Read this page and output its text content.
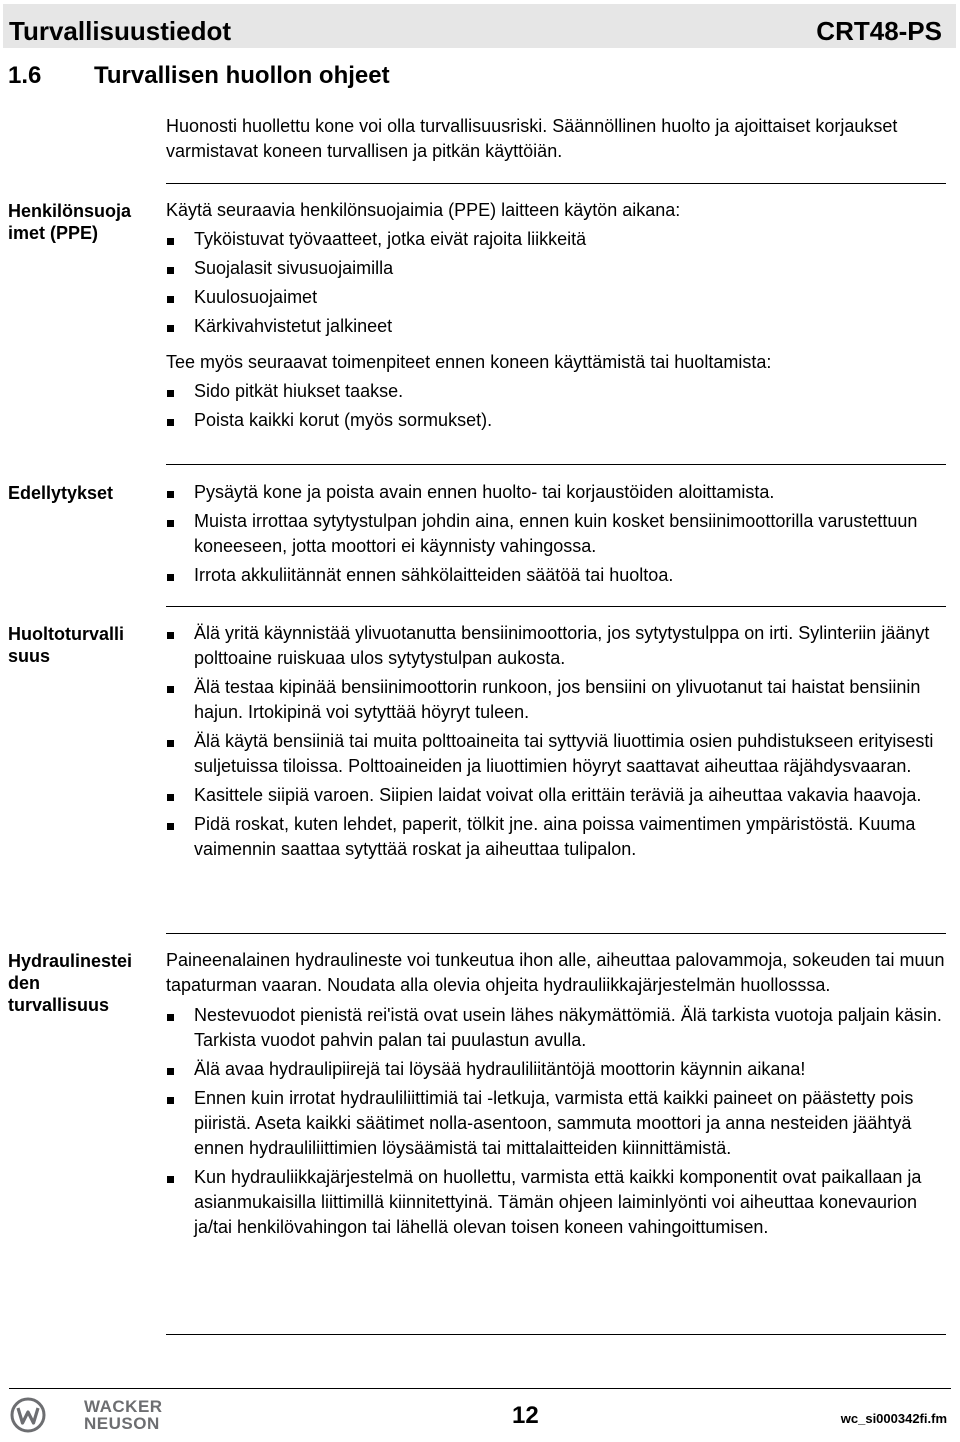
Turvallisuustiedot	CRT48-PS
1.6	Turvallisen huollon ohjeet
Huonosti huollettu kone voi olla turvallisuusriski. Säännöllinen huolto ja ajoittaiset korjaukset varmistavat koneen turvallisen ja pitkän käyttöiän.
Henkilönsuoja
imet (PPE)

Käytä seuraavia henkilönsuojaimia (PPE) laitteen käytön aikana:

Tyköistuvat työvaatteet, jotka eivät rajoita liikkeitä
Suojalasit sivusuojaimilla
Kuulosuojaimet
Kärkivahvistetut jalkineet

Tee myös seuraavat toimenpiteet ennen koneen käyttämistä tai huoltamista:

Sido pitkät hiukset taakse.
Poista kaikki korut (myös sormukset).
Edellytykset	Pysäytä kone ja poista avain ennen huolto- tai korjaustöiden aloittamista.
Muista irrottaa sytytystulpan johdin aina, ennen kuin kosket bensiinimoottorilla varustettuun koneeseen, jotta moottori ei käynnisty vahingossa.
Irrota akkuliitännät ennen sähkölaitteiden säätöä tai huoltoa.
Huoltoturvalli
suus
Älä yritä käynnistää ylivuotanutta bensiinimoottoria, jos sytytystulppa on irti. Sylinteriin jäänyt polttoaine ruiskuaa ulos sytytystulpan aukosta.
Älä testaa kipinää bensiinimoottorin runkoon, jos bensiini on ylivuotanut tai haistat bensiinin hajun. Irtokipinä voi sytyttää höyryt tuleen.
Älä käytä bensiiniä tai muita polttoaineita tai syttyviä liuottimia osien puhdistukseen erityisesti suljetuissa tiloissa. Polttoaineiden ja liuottimien höyryt saattavat aiheuttaa räjähdysvaaran.
Kasittele siipiä varoen. Siipien laidat voivat olla erittäin teräviä ja aiheuttaa vakavia haavoja.
Pidä roskat, kuten lehdet, paperit, tölkit jne. aina poissa vaimentimen ympäristöstä. Kuuma vaimennin saattaa sytyttää roskat ja aiheuttaa tulipalon.
Hydraulinestei
den
turvallisuus

Paineenalainen hydraulineste voi tunkeutua ihon alle, aiheuttaa palovammoja, sokeuden tai muun tapaturman vaaran. Noudata alla olevia ohjeita hydrauliikkajärjestelmän huollosssa.

Nestevuodot pienistä rei'istä ovat usein lähes näkymättömiä. Älä tarkista vuotoja paljain käsin. Tarkista vuodot pahvin palan tai puulastun avulla.
Älä avaa hydraulipiirejä tai löysää hydrauliliitäntöjä moottorin käynnin aikana!
Ennen kuin irrotat hydrauliliittimiä tai -letkuja, varmista että kaikki paineet on päästetty pois piiristä. Aseta kaikki säätimet nolla-asentoon, sammuta moottori ja anna nesteiden jäähtyä ennen hydrauliliittimien löysäämistä tai mittalaitteiden kiinnittämistä.
Kun hydrauliikkajärjestelmä on huollettu, varmista että kaikki komponentit ovat paikallaan ja asianmukaisilla liittimillä kiinnitettyinä. Tämän ohjeen laiminlyönti voi aiheuttaa konevaurion ja/tai henkilövahingon tai lähellä olevan toisen koneen vahingoittumisen.
WACKER
NEUSON	12	wc_si000342fi.fm
